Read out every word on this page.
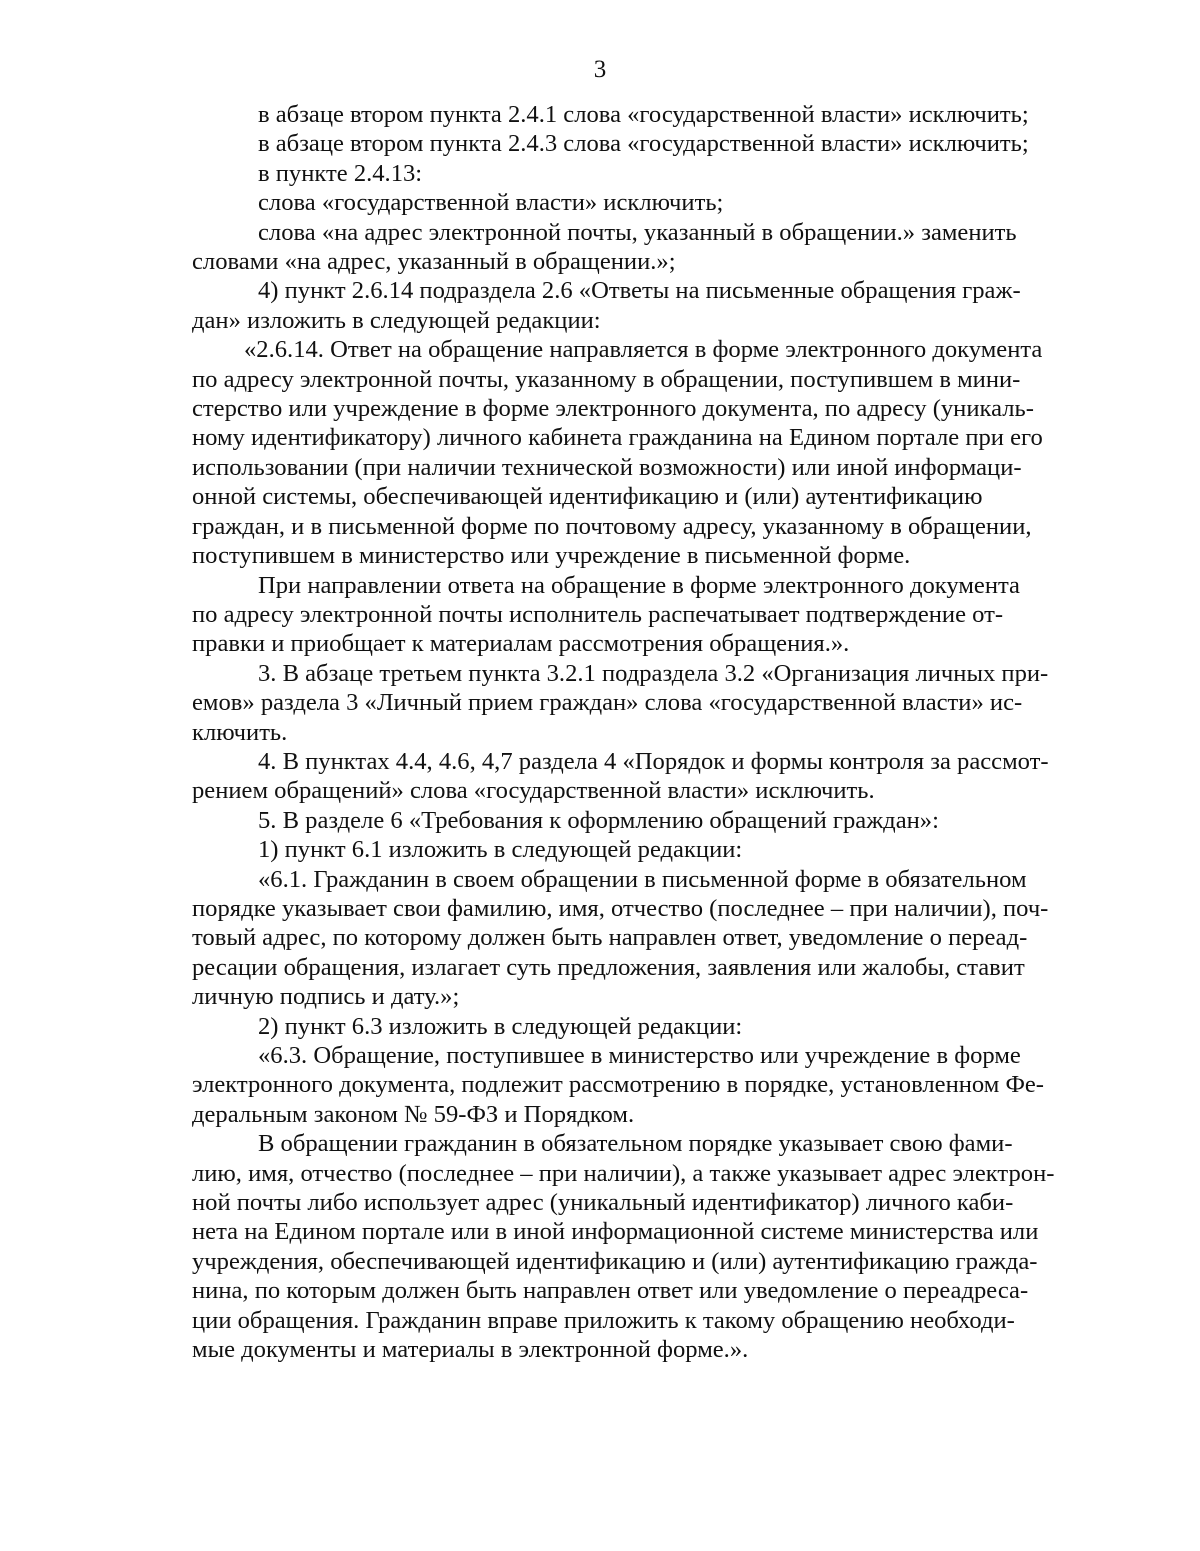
3

в абзаце втором пункта 2.4.1 слова «государственной власти» исключить;

в абзаце втором пункта 2.4.3 слова «государственной власти» исключить;

в пункте 2.4.13:

слова «государственной власти» исключить;

слова «на адрес электронной почты, указанный в обращении.» заменить
словами «на адрес, указанный в обращении.»;

4) пункт 2.6.14 подраздела 2.6 «Ответы на письменные обращения граж-
дан» изложить в следующей редакции:

«2.6.14. Ответ на обращение направляется в форме электронного документа
по адресу электронной почты, указанному в обращении, поступившем в мини-
стерство или учреждение в форме электронного документа, по адресу (уникаль-
ному идентификатору) личного кабинета гражданина на Едином портале при его
использовании (при наличии технической возможности) или иной информаци-
онной системы, обеспечивающей идентификацию и (или) аутентификацию
граждан, и в письменной форме по почтовому адресу, указанному в обращении,
поступившем в министерство или учреждение в письменной форме.

При направлении ответа на обращение в форме электронного документа
по адресу электронной почты исполнитель распечатывает подтверждение от-
правки и приобщает к материалам рассмотрения обращения.».

3. В абзаце третьем пункта 3.2.1 подраздела 3.2 «Организация личных при-
емов» раздела 3 «Личный прием граждан» слова «государственной власти» ис-
ключить.

4. В пунктах 4.4, 4.6, 4,7 раздела 4 «Порядок и формы контроля за рассмот-
рением обращений» слова «государственной власти» исключить.

5. В разделе 6 «Требования к оформлению обращений граждан»:

1) пункт 6.1 изложить в следующей редакции:

«6.1. Гражданин в своем обращении в письменной форме в обязательном
порядке указывает свои фамилию, имя, отчество (последнее – при наличии), поч-
товый адрес, по которому должен быть направлен ответ, уведомление о переад-
ресации обращения, излагает суть предложения, заявления или жалобы, ставит
личную подпись и дату.»;

2) пункт 6.3 изложить в следующей редакции:

«6.3. Обращение, поступившее в министерство или учреждение в форме
электронного документа, подлежит рассмотрению в порядке, установленном Фе-
деральным законом № 59-ФЗ и Порядком.

В обращении гражданин в обязательном порядке указывает свою фами-
лию, имя, отчество (последнее – при наличии), а также указывает адрес электрон-
ной почты либо использует адрес (уникальный идентификатор) личного каби-
нета на Едином портале или в иной информационной системе министерства или
учреждения, обеспечивающей идентификацию и (или) аутентификацию гражда-
нина, по которым должен быть направлен ответ или уведомление о переадреса-
ции обращения. Гражданин вправе приложить к такому обращению необходи-
мые документы и материалы в электронной форме.».
